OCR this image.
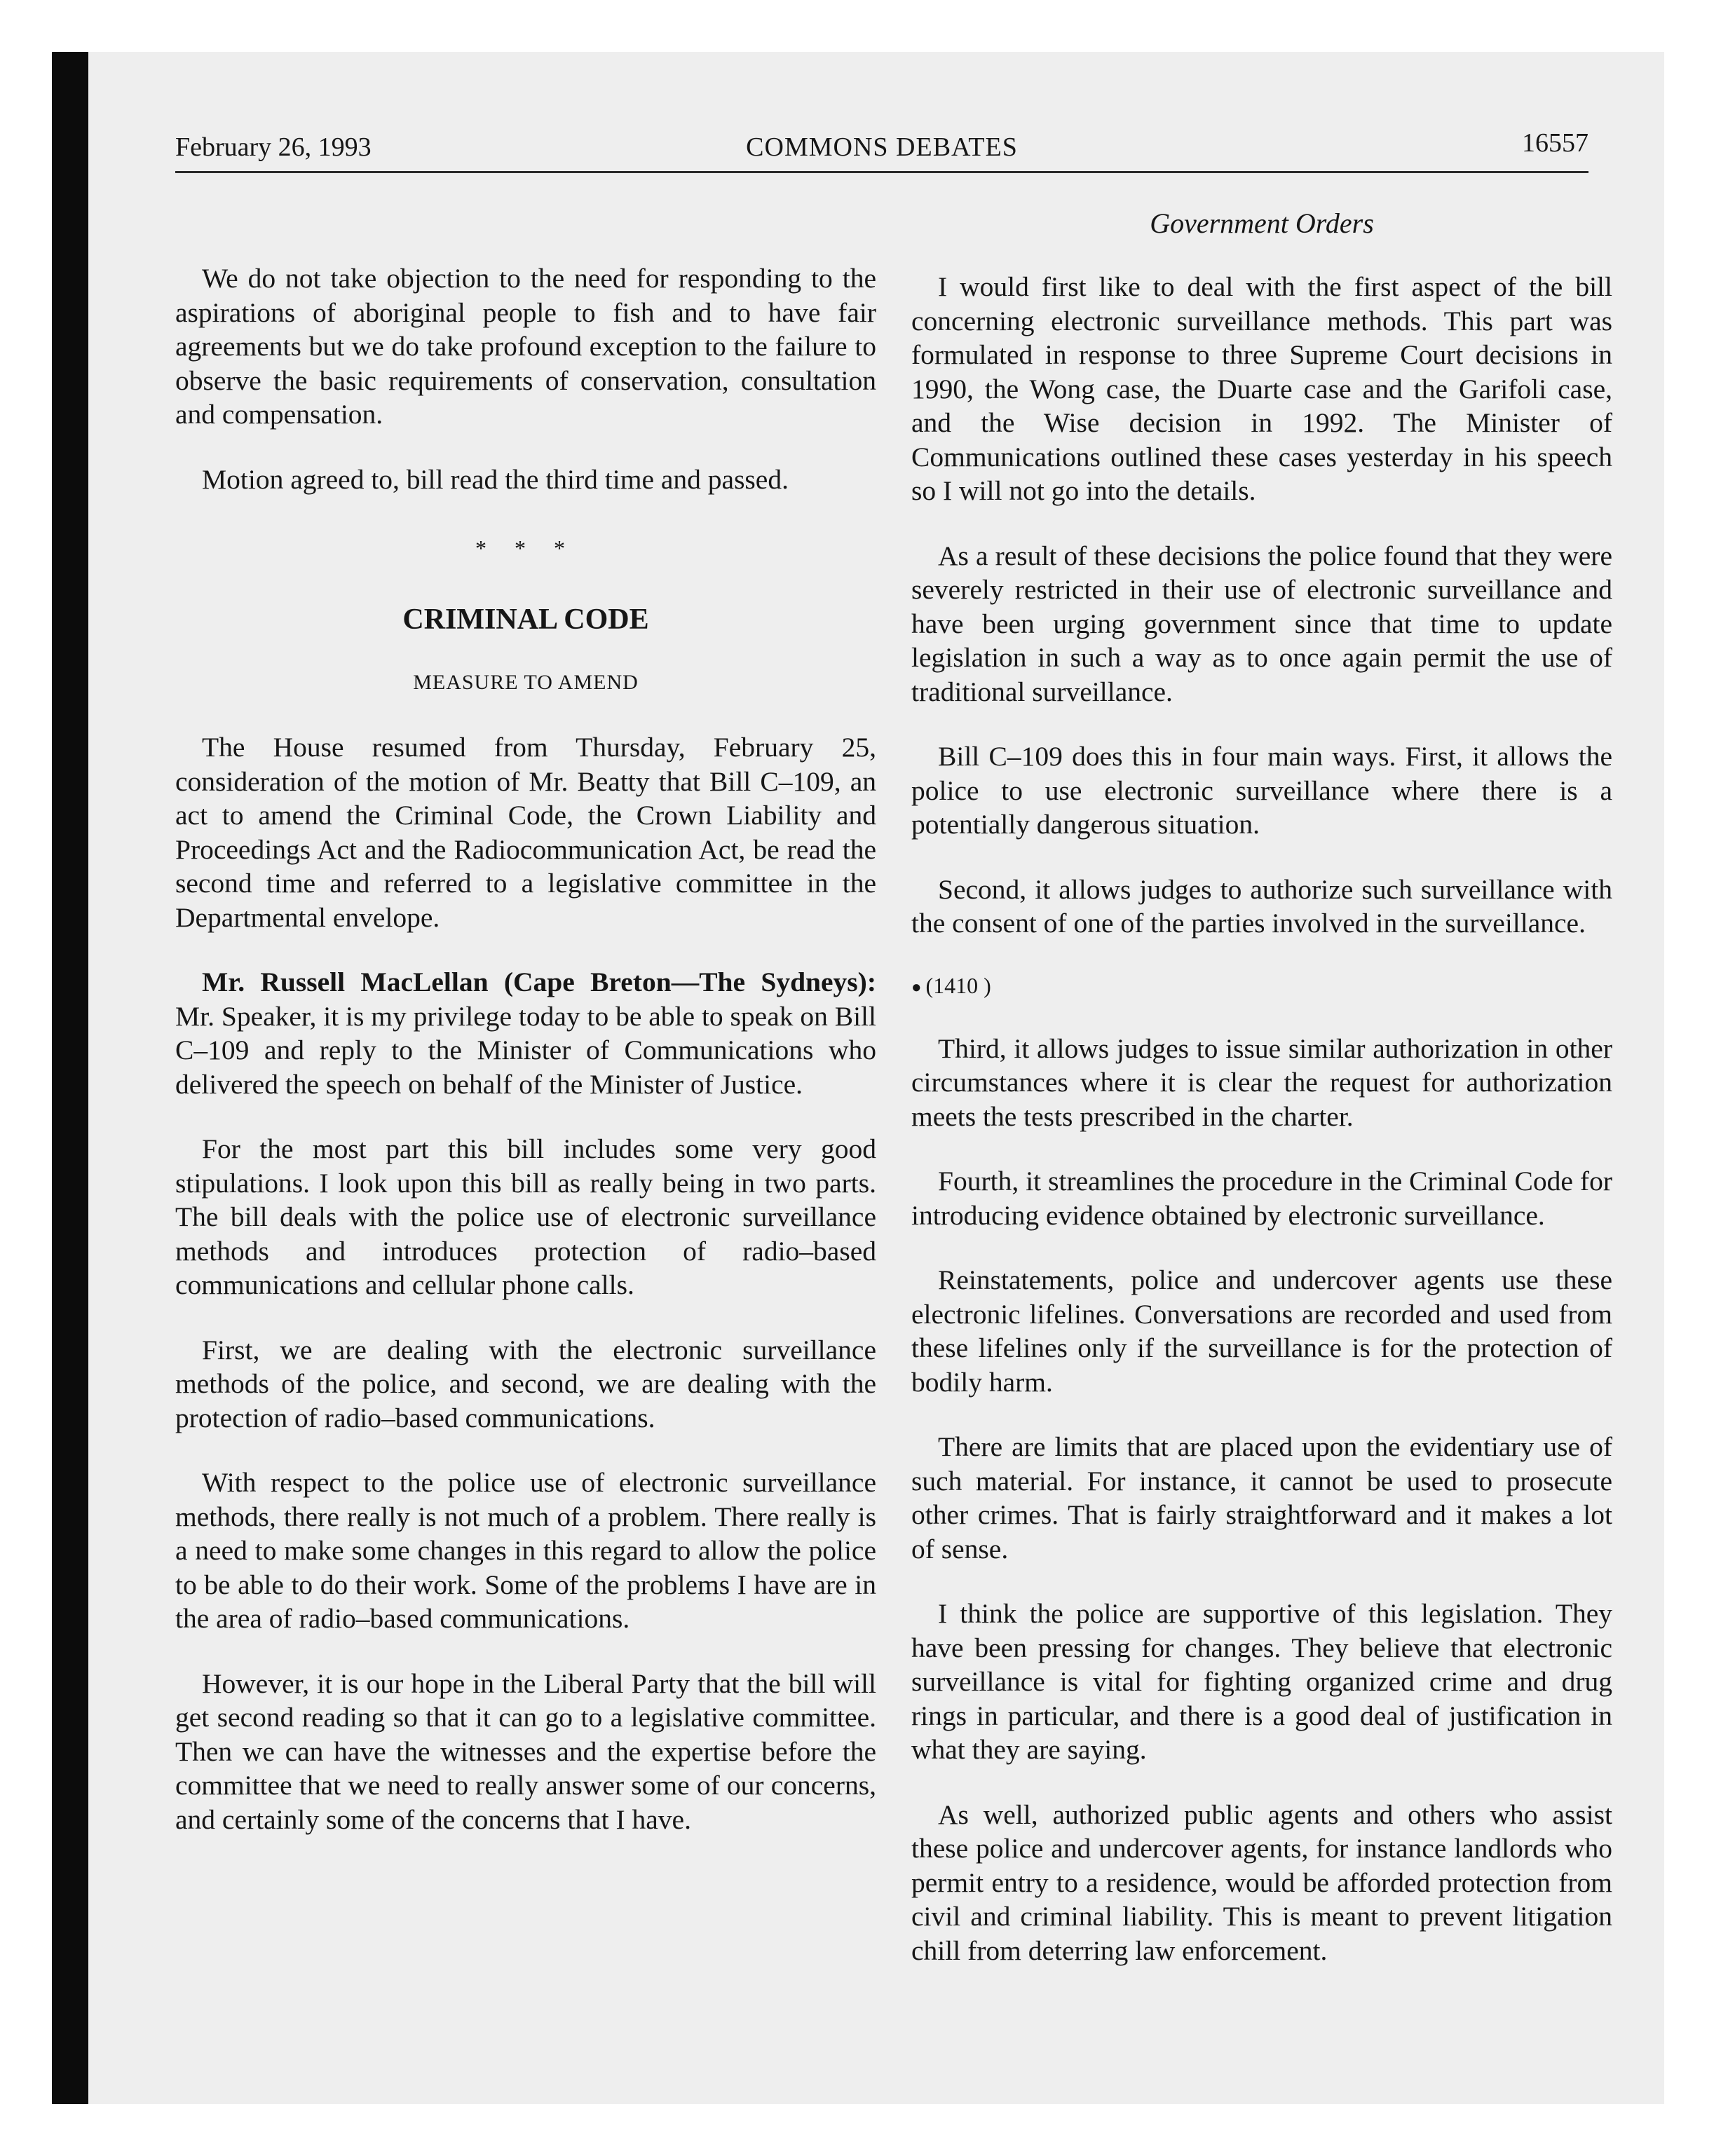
February 26, 1993	COMMONS DEBATES	16557

We do not take objection to the need for responding to the aspirations of aboriginal people to fish and to have fair agreements but we do take profound exception to the failure to observe the basic requirements of conservation, consultation and compensation.

Motion agreed to, bill read the third time and passed.

* * *
CRIMINAL CODE
MEASURE TO AMEND

The House resumed from Thursday, February 25, consideration of the motion of Mr. Beatty that Bill C–109, an act to amend the Criminal Code, the Crown Liability and Proceedings Act and the Radiocommunication Act, be read the second time and referred to a legislative committee in the Departmental envelope.

Mr. Russell MacLellan (Cape Breton—The Sydneys): Mr. Speaker, it is my privilege today to be able to speak on Bill C–109 and reply to the Minister of Communications who delivered the speech on behalf of the Minister of Justice.

For the most part this bill includes some very good stipulations. I look upon this bill as really being in two parts. The bill deals with the police use of electronic surveillance methods and introduces protection of radio–based communications and cellular phone calls.

First, we are dealing with the electronic surveillance methods of the police, and second, we are dealing with the protection of radio–based communications.

With respect to the police use of electronic surveillance methods, there really is not much of a problem. There really is a need to make some changes in this regard to allow the police to be able to do their work. Some of the problems I have are in the area of radio–based communications.

However, it is our hope in the Liberal Party that the bill will get second reading so that it can go to a legislative committee. Then we can have the witnesses and the expertise before the committee that we need to really answer some of our concerns, and certainly some of the concerns that I have.

Government Orders

I would first like to deal with the first aspect of the bill concerning electronic surveillance methods. This part was formulated in response to three Supreme Court decisions in 1990, the Wong case, the Duarte case and the Garifoli case, and the Wise decision in 1992. The Minister of Communications outlined these cases yesterday in his speech so I will not go into the details.

As a result of these decisions the police found that they were severely restricted in their use of electronic surveillance and have been urging government since that time to update legislation in such a way as to once again permit the use of traditional surveillance.

Bill C–109 does this in four main ways. First, it allows the police to use electronic surveillance where there is a potentially dangerous situation.

Second, it allows judges to authorize such surveillance with the consent of one of the parties involved in the surveillance.

● (1410 )

Third, it allows judges to issue similar authorization in other circumstances where it is clear the request for authorization meets the tests prescribed in the charter.

Fourth, it streamlines the procedure in the Criminal Code for introducing evidence obtained by electronic surveillance.

Reinstatements, police and undercover agents use these electronic lifelines. Conversations are recorded and used from these lifelines only if the surveillance is for the protection of bodily harm.

There are limits that are placed upon the evidentiary use of such material. For instance, it cannot be used to prosecute other crimes. That is fairly straightforward and it makes a lot of sense.

I think the police are supportive of this legislation. They have been pressing for changes. They believe that electronic surveillance is vital for fighting organized crime and drug rings in particular, and there is a good deal of justification in what they are saying.

As well, authorized public agents and others who assist these police and undercover agents, for instance landlords who permit entry to a residence, would be afforded protection from civil and criminal liability. This is meant to prevent litigation chill from deterring law enforcement.
